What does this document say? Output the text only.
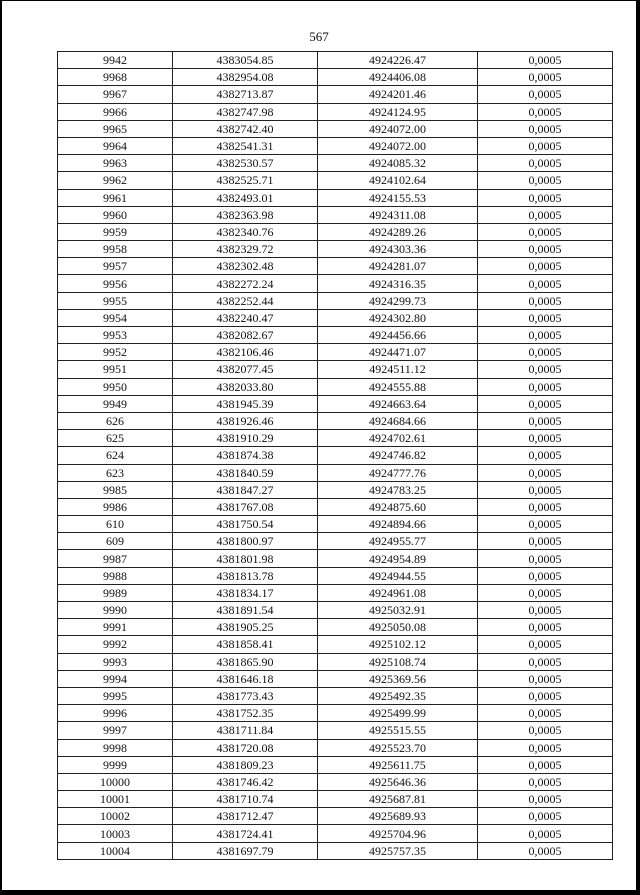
567
9942	4383054.85	4924226.47	0,0005
9968	4382954.08	4924406.08	0,0005
9967	4382713.87	4924201.46	0,0005
9966	4382747.98	4924124.95	0,0005
9965	4382742.40	4924072.00	0,0005
9964	4382541.31	4924072.00	0,0005
9963	4382530.57	4924085.32	0,0005
9962	4382525.71	4924102.64	0,0005
9961	4382493.01	4924155.53	0,0005
9960	4382363.98	4924311.08	0,0005
9959	4382340.76	4924289.26	0,0005
9958	4382329.72	4924303.36	0,0005
9957	4382302.48	4924281.07	0,0005
9956	4382272.24	4924316.35	0,0005
9955	4382252.44	4924299.73	0,0005
9954	4382240.47	4924302.80	0,0005
9953	4382082.67	4924456.66	0,0005
9952	4382106.46	4924471.07	0,0005
9951	4382077.45	4924511.12	0,0005
9950	4382033.80	4924555.88	0,0005
9949	4381945.39	4924663.64	0,0005
626	4381926.46	4924684.66	0,0005
625	4381910.29	4924702.61	0,0005
624	4381874.38	4924746.82	0,0005
623	4381840.59	4924777.76	0,0005
9985	4381847.27	4924783.25	0,0005
9986	4381767.08	4924875.60	0,0005
610	4381750.54	4924894.66	0,0005
609	4381800.97	4924955.77	0,0005
9987	4381801.98	4924954.89	0,0005
9988	4381813.78	4924944.55	0,0005
9989	4381834.17	4924961.08	0,0005
9990	4381891.54	4925032.91	0,0005
9991	4381905.25	4925050.08	0,0005
9992	4381858.41	4925102.12	0,0005
9993	4381865.90	4925108.74	0,0005
9994	4381646.18	4925369.56	0,0005
9995	4381773.43	4925492.35	0,0005
9996	4381752.35	4925499.99	0,0005
9997	4381711.84	4925515.55	0,0005
9998	4381720.08	4925523.70	0,0005
9999	4381809.23	4925611.75	0,0005
10000	4381746.42	4925646.36	0,0005
10001	4381710.74	4925687.81	0,0005
10002	4381712.47	4925689.93	0,0005
10003	4381724.41	4925704.96	0,0005
10004	4381697.79	4925757.35	0,0005
